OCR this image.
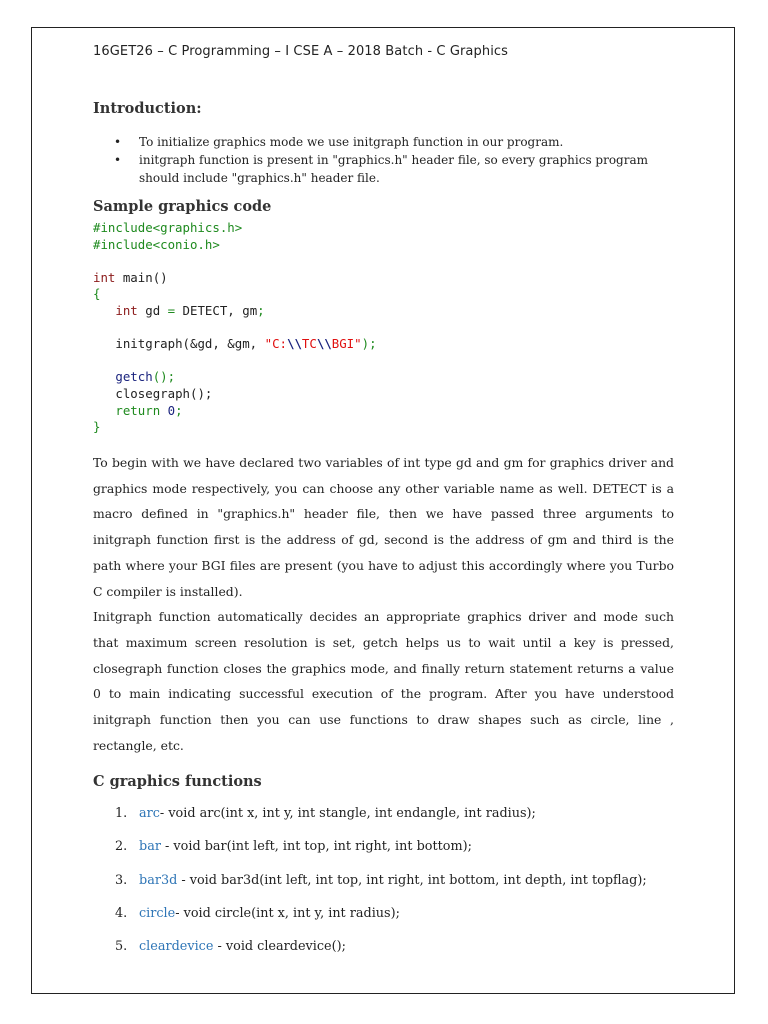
16GET26 – C Programming – I CSE A – 2018 Batch - C Graphics
Introduction:
• To initialize graphics mode we use initgraph function in our program.
• initgraph function is present in "graphics.h" header file, so every graphics program should include "graphics.h" header file.
Sample graphics code
#include<graphics.h>
#include<conio.h>

int main()
{
int gd = DETECT, gm;

initgraph(&gd, &gm, "C:\\TC\\BGI");

getch();
closegraph();
return 0;
}

To begin with we have declared two variables of int type gd and gm for graphics driver and graphics mode respectively, you can choose any other variable name as well. DETECT is a macro defined in "graphics.h" header file, then we have passed three arguments to initgraph function first is the address of gd, second is the address of gm and third is the path where your BGI files are present (you have to adjust this accordingly where you Turbo C compiler is installed).

Initgraph function automatically decides an appropriate graphics driver and mode such that maximum screen resolution is set, getch helps us to wait until a key is pressed, closegraph function closes the graphics mode, and finally return statement returns a value 0 to main indicating successful execution of the program. After you have understood initgraph function then you can use functions to draw shapes such as circle, line , rectangle, etc.

C graphics functions
1. arc- void arc(int x, int y, int stangle, int endangle, int radius);
2. bar - void bar(int left, int top, int right, int bottom);
3. bar3d - void bar3d(int left, int top, int right, int bottom, int depth, int topflag);
4. circle- void circle(int x, int y, int radius);
5. cleardevice - void cleardevice();
